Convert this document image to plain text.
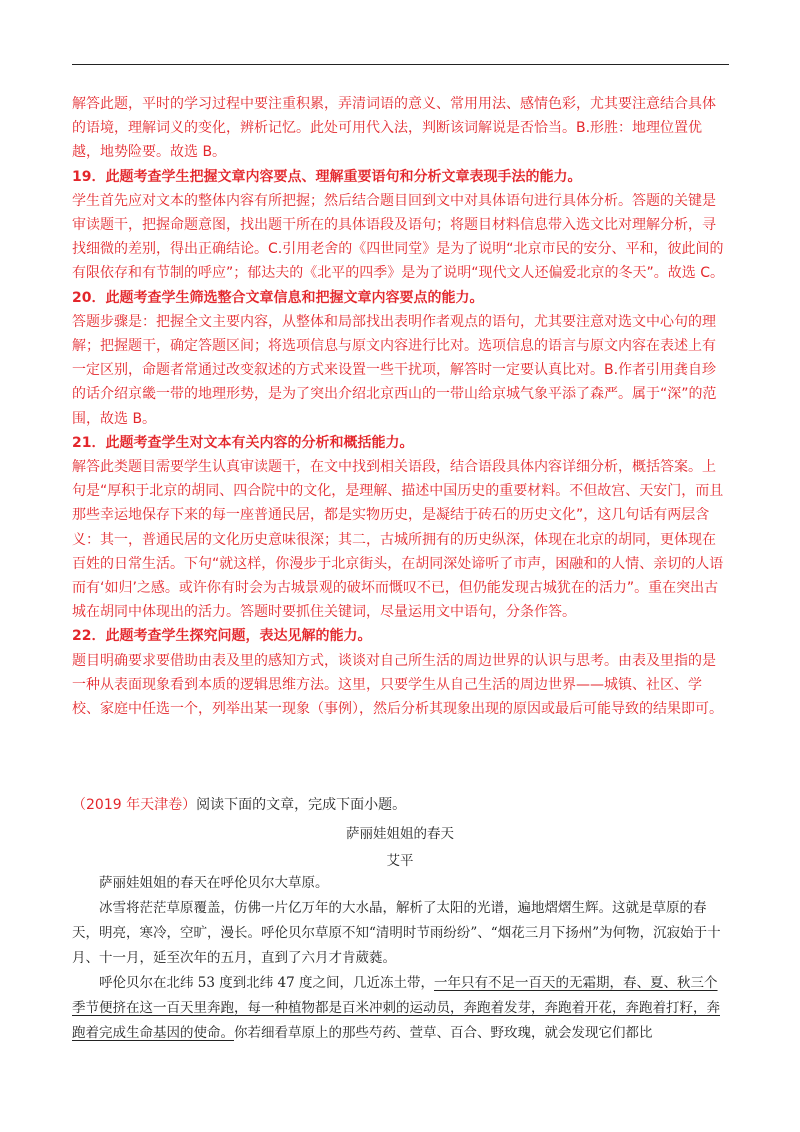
解答此题，平时的学习过程中要注重积累，弄清词语的意义、常用用法、感情色彩，尤其要注意结合具体的语境，理解词义的变化，辨析记忆。此处可用代入法，判断该词解说是否恰当。B.形胜：地理位置优越，地势险要。故选 B。

19．此题考查学生把握文章内容要点、理解重要语句和分析文章表现手法的能力。

学生首先应对文本的整体内容有所把握；然后结合题目回到文中对具体语句进行具体分析。答题的关键是审读题干，把握命题意图，找出题干所在的具体语段及语句；将题目材料信息带入选文比对理解分析，寻找细微的差别，得出正确结论。C.引用老舍的《四世同堂》是为了说明“北京市民的安分、平和，彼此间的有限依存和有节制的呼应”；郁达夫的《北平的四季》是为了说明“现代文人还偏爱北京的冬天”。故选 C。

20．此题考查学生筛选整合文章信息和把握文章内容要点的能力。

答题步骤是：把握全文主要内容，从整体和局部找出表明作者观点的语句，尤其要注意对选文中心句的理解；把握题干，确定答题区间；将选项信息与原文内容进行比对。选项信息的语言与原文内容在表述上有一定区别，命题者常通过改变叙述的方式来设置一些干扰项，解答时一定要认真比对。B.作者引用龚自珍的话介绍京畿一带的地理形势，是为了突出介绍北京西山的一带山给京城气象平添了森严。属于“深”的范围，故选 B。

21．此题考查学生对文本有关内容的分析和概括能力。

解答此类题目需要学生认真审读题干，在文中找到相关语段，结合语段具体内容详细分析，概括答案。上句是“厚积于北京的胡同、四合院中的文化，是理解、描述中国历史的重要材料。不但故宫、天安门，而且那些幸运地保存下来的每一座普通民居，都是实物历史，是凝结于砖石的历史文化”，这几句话有两层含义：其一，普通民居的文化历史意味很深；其二，古城所拥有的历史纵深，体现在北京的胡同，更体现在百姓的日常生活。下句“就这样，你漫步于北京街头，在胡同深处谛听了市声，困融和的人情、亲切的人语而有‘如归’之感。或许你有时会为古城景观的破坏而慨叹不已，但仍能发现古城犹在的活力”。重在突出古城在胡同中体现出的活力。答题时要抓住关键词，尽量运用文中语句，分条作答。

22．此题考查学生探究问题，表达见解的能力。

题目明确要求要借助由表及里的感知方式，谈谈对自己所生活的周边世界的认识与思考。由表及里指的是一种从表面现象看到本质的逻辑思维方法。这里，只要学生从自己生活的周边世界——城镇、社区、学校、家庭中任选一个，列举出某一现象（事例），然后分析其现象出现的原因或最后可能导致的结果即可。

（2019 年天津卷）阅读下面的文章，完成下面小题。
萨丽娃姐姐的春天
艾平

萨丽娃姐姐的春天在呼伦贝尔大草原。

冰雪将茫茫草原覆盖，仿佛一片亿万年的大水晶，解析了太阳的光谱，遍地熠熠生辉。这就是草原的春天，明亮，寒冷，空旷，漫长。呼伦贝尔草原不知“清明时节雨纷纷”、“烟花三月下扬州”为何物，沉寂始于十月、十一月，延至次年的五月，直到了六月才肯葳蕤。

呼伦贝尔在北纬 53 度到北纬 47 度之间，几近冻土带，一年只有不足一百天的无霜期，春、夏、秋三个季节便挤在这一百天里奔跑，每一种植物都是百米冲刺的运动员，奔跑着发芽，奔跑着开花，奔跑着打籽，奔跑着完成生命基因的使命。你若细看草原上的那些芍药、萱草、百合、野玫瑰，就会发现它们都比
